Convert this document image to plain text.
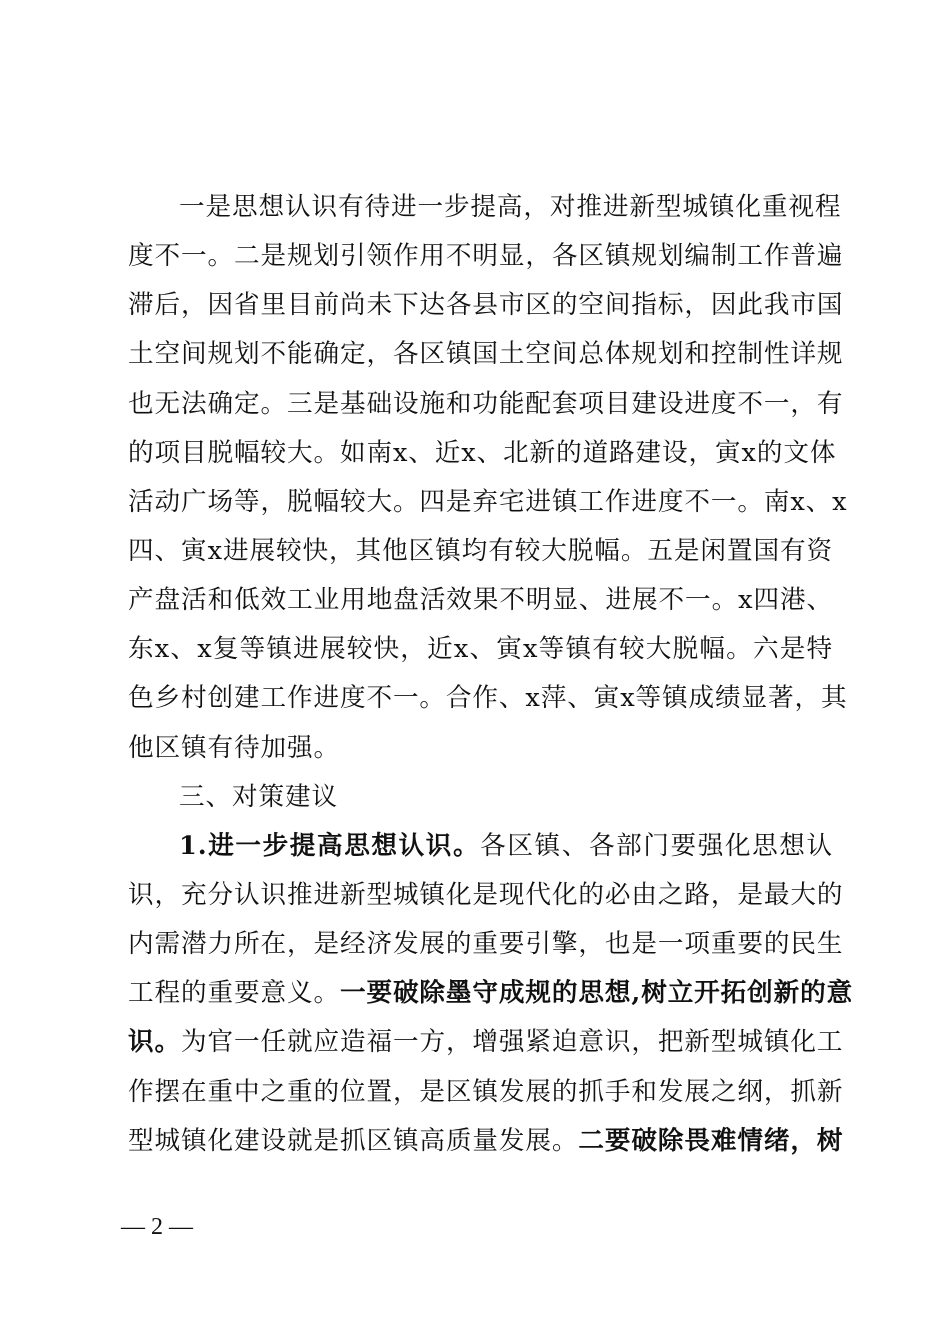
一是思想认识有待进一步提高，对推进新型城镇化重视程
度不一。二是规划引领作用不明显，各区镇规划编制工作普遍
滞后，因省里目前尚未下达各县市区的空间指标，因此我市国
土空间规划不能确定，各区镇国土空间总体规划和控制性详规
也无法确定。三是基础设施和功能配套项目建设进度不一，有
的项目脱幅较大。如南x、近x、北新的道路建设，寅x的文体
活动广场等，脱幅较大。四是弃宅进镇工作进度不一。南x、x
四、寅x进展较快，其他区镇均有较大脱幅。五是闲置国有资
产盘活和低效工业用地盘活效果不明显、进展不一。x四港、
东x、x复等镇进展较快，近x、寅x等镇有较大脱幅。六是特
色乡村创建工作进度不一。合作、x萍、寅x等镇成绩显著，其
他区镇有待加强。
三、对策建议
1.进一步提高思想认识。各区镇、各部门要强化思想认
识，充分认识推进新型城镇化是现代化的必由之路，是最大的
内需潜力所在，是经济发展的重要引擎，也是一项重要的民生
工程的重要意义。一要破除墨守成规的思想,树立开拓创新的意
识。为官一任就应造福一方，增强紧迫意识，把新型城镇化工
作摆在重中之重的位置，是区镇发展的抓手和发展之纲，抓新
型城镇化建设就是抓区镇高质量发展。二要破除畏难情绪，树
— 2 —
